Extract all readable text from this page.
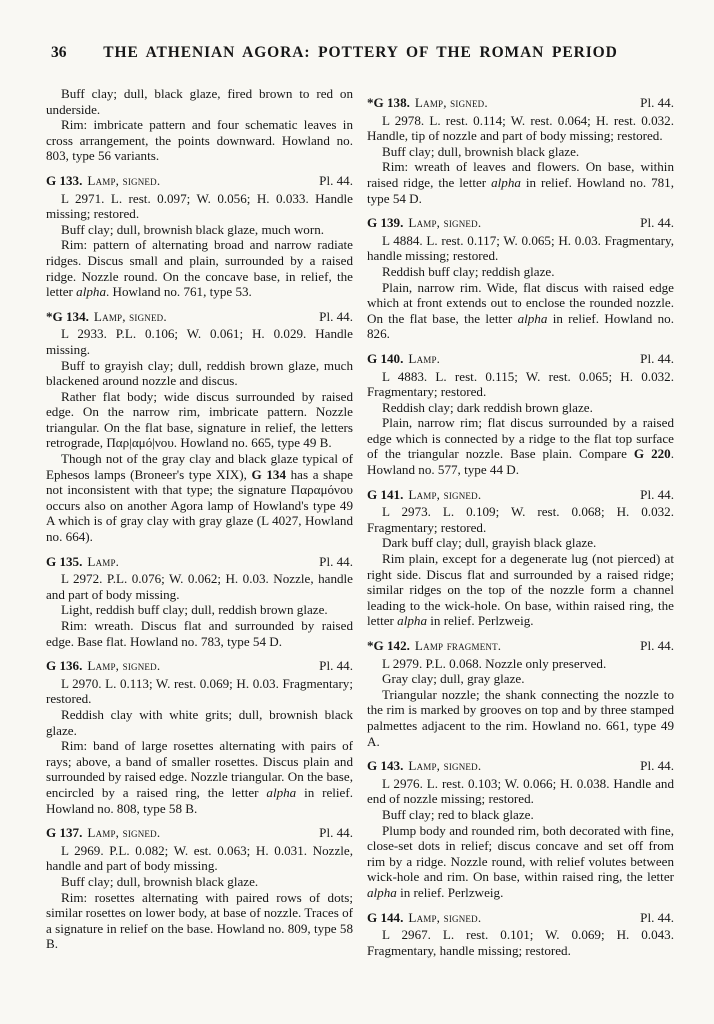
36	THE ATHENIAN AGORA: POTTERY OF THE ROMAN PERIOD

Buff clay; dull, black glaze, fired brown to red on underside.

Rim: imbricate pattern and four schematic leaves in cross arrangement, the points downward. Howland no. 803, type 56 variants.

G 133. Lamp, signed.	Pl. 44.

L 2971. L. rest. 0.097; W. 0.056; H. 0.033. Handle missing; restored.

Buff clay; dull, brownish black glaze, much worn.

Rim: pattern of alternating broad and narrow radiate ridges. Discus small and plain, surrounded by a raised ridge. Nozzle round. On the concave base, in relief, the letter alpha. Howland no. 761, type 53.

*G 134. Lamp, signed.	Pl. 44.

L 2933. P.L. 0.106; W. 0.061; H. 0.029. Handle missing.

Buff to grayish clay; dull, reddish brown glaze, much blackened around nozzle and discus.

Rather flat body; wide discus surrounded by raised edge. On the narrow rim, imbricate pattern. Nozzle triangular. On the flat base, signature in relief, the letters retrograde, Παρ|αμό|νου. Howland no. 665, type 49 B.

Though not of the gray clay and black glaze typical of Ephesos lamps (Broneer's type XIX), G 134 has a shape not inconsistent with that type; the signature Παραμόνου occurs also on another Agora lamp of Howland's type 49 A which is of gray clay with gray glaze (L 4027, Howland no. 664).

G 135. Lamp.	Pl. 44.

L 2972. P.L. 0.076; W. 0.062; H. 0.03. Nozzle, handle and part of body missing.

Light, reddish buff clay; dull, reddish brown glaze.

Rim: wreath. Discus flat and surrounded by raised edge. Base flat. Howland no. 783, type 54 D.

G 136. Lamp, signed.	Pl. 44.

L 2970. L. 0.113; W. rest. 0.069; H. 0.03. Fragmentary; restored.

Reddish clay with white grits; dull, brownish black glaze.

Rim: band of large rosettes alternating with pairs of rays; above, a band of smaller rosettes. Discus plain and surrounded by raised edge. Nozzle triangular. On the base, encircled by a raised ring, the letter alpha in relief. Howland no. 808, type 58 B.

G 137. Lamp, signed.	Pl. 44.

L 2969. P.L. 0.082; W. est. 0.063; H. 0.031. Nozzle, handle and part of body missing.

Buff clay; dull, brownish black glaze.

Rim: rosettes alternating with paired rows of dots; similar rosettes on lower body, at base of nozzle. Traces of a signature in relief on the base. Howland no. 809, type 58 B.

*G 138. Lamp, signed.	Pl. 44.

L 2978. L. rest. 0.114; W. rest. 0.064; H. rest. 0.032. Handle, tip of nozzle and part of body missing; restored.

Buff clay; dull, brownish black glaze.

Rim: wreath of leaves and flowers. On base, within raised ridge, the letter alpha in relief. Howland no. 781, type 54 D.

G 139. Lamp, signed.	Pl. 44.

L 4884. L. rest. 0.117; W. 0.065; H. 0.03. Fragmentary, handle missing; restored.

Reddish buff clay; reddish glaze.

Plain, narrow rim. Wide, flat discus with raised edge which at front extends out to enclose the rounded nozzle. On the flat base, the letter alpha in relief. Howland no. 826.

G 140. Lamp.	Pl. 44.

L 4883. L. rest. 0.115; W. rest. 0.065; H. 0.032. Fragmentary; restored.

Reddish clay; dark reddish brown glaze.

Plain, narrow rim; flat discus surrounded by a raised edge which is connected by a ridge to the flat top surface of the triangular nozzle. Base plain. Compare G 220. Howland no. 577, type 44 D.

G 141. Lamp, signed.	Pl. 44.

L 2973. L. 0.109; W. rest. 0.068; H. 0.032. Fragmentary; restored.

Dark buff clay; dull, grayish black glaze.

Rim plain, except for a degenerate lug (not pierced) at right side. Discus flat and surrounded by a raised ridge; similar ridges on the top of the nozzle form a channel leading to the wick-hole. On base, within raised ring, the letter alpha in relief. Perlzweig.

*G 142. Lamp fragment.	Pl. 44.

L 2979. P.L. 0.068. Nozzle only preserved.

Gray clay; dull, gray glaze.

Triangular nozzle; the shank connecting the nozzle to the rim is marked by grooves on top and by three stamped palmettes adjacent to the rim. Howland no. 661, type 49 A.

G 143. Lamp, signed.	Pl. 44.

L 2976. L. rest. 0.103; W. 0.066; H. 0.038. Handle and end of nozzle missing; restored.

Buff clay; red to black glaze.

Plump body and rounded rim, both decorated with fine, close-set dots in relief; discus concave and set off from rim by a ridge. Nozzle round, with relief volutes between wick-hole and rim. On base, within raised ring, the letter alpha in relief. Perlzweig.

G 144. Lamp, signed.	Pl. 44.

L 2967. L. rest. 0.101; W. 0.069; H. 0.043. Fragmentary, handle missing; restored.
